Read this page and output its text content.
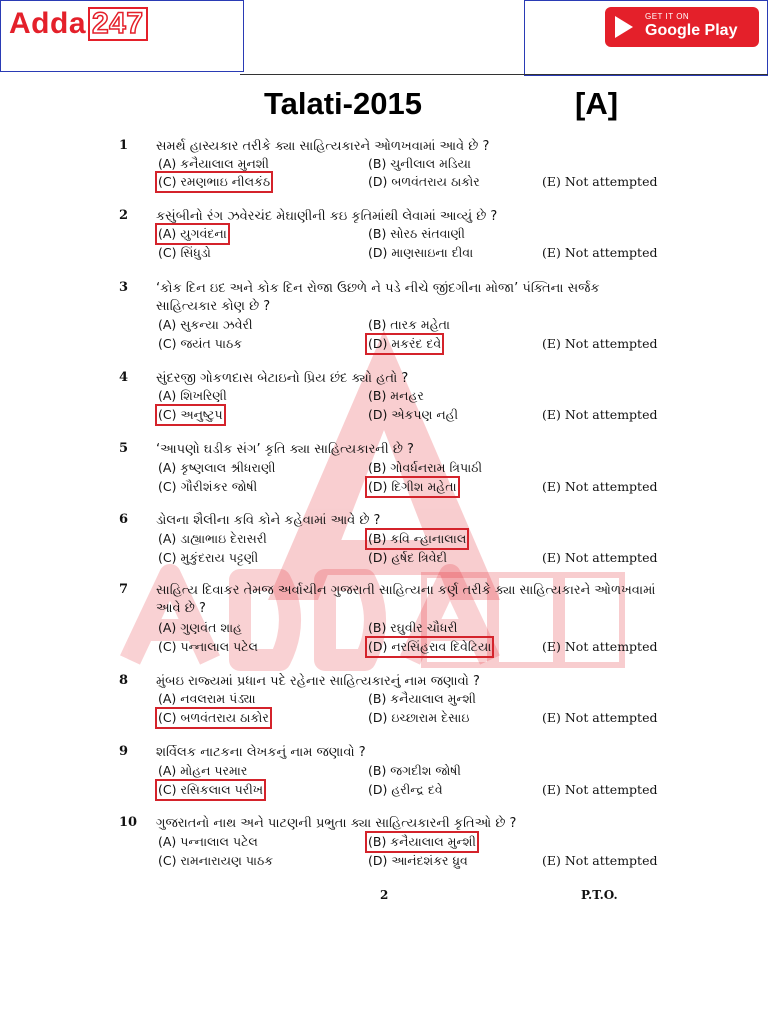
Adda 247	GET IT ON
Google Play
Talati-2015	[A]
1 સમર્થ હાસ્યકાર તરીકે ક્યા સાહિત્યકારને ઓળખવામાં આવે છે ?
(A) કનૈયાલાલ મુનશી	(B) ચુનીલાલ મડિયા
(C) રમણભાઇ નીલકંઠ	(D) બળવંતરાય ઠાકોર	(E) Not attempted
2 કસુંબીનો રંગ ઝવેરચંદ મેઘાણીની કઇ કૃતિમાંથી લેવામાં આવ્યું છે ?
(A) યુગવંદના	(B) સોરઠ સંતવાણી
(C) સિંધુડો	(D) માણસાઇના દીવા	(E) Not attempted
3 ‘કોક દિન ઇદ અને કોક દિન રોજા ઉછળે ને પડે નીચે જીંદગીના મોજા’ પંક્તિના સર્જક સાહિત્યકાર કોણ છે ?
(A) સુકન્યા ઝવેરી	(B) તારક મહેતા
(C) જયંત પાઠક	(D) મકરંદ દવે	(E) Not attempted
4 સુંદરજી ગોકળદાસ બેટાઇનો પ્રિય છંદ ક્યો હતો ?
(A) શિખરિણી	(B) મનહર
(C) અનુષ્ટુપ	(D) એકપણ નહી	(E) Not attempted
5 ‘આપણો ઘડીક સંગ’ કૃતિ ક્યા સાહિત્યકારની છે ?
(A) કૃષ્ણલાલ શ્રીધરાણી	(B) ગોવર્ધનરામ ત્રિપાઠી
(C) ગૌરીશંકર જોષી	(D) દિગીશ મહેતા	(E) Not attempted
6 ડોલના શૈલીના કવિ કોને કહેવામાં આવે છે ?
(A) ડાહ્યાભાઇ દેરાસરી	(B) કવિ ન્હાનાલાલ
(C) મુકુંદરાય પટ્ટણી	(D) હર્ષદ ત્રિવેદી	(E) Not attempted
7 સાહિત્ય દિવાકર તેમજ અર્વાચીન ગુજરાતી સાહિત્યના કર્ણ તરીકે ક્યા સાહિત્યકારને ઓળખવામાં આવે છે ?
(A) ગુણવંત શાહ	(B) રઘુવીર ચૌધરી
(C) પન્નાલાલ પટેલ	(D) નરસિંહરાવ દિવેટિયા	(E) Not attempted
8 મુંબઇ રાજ્યમાં પ્રધાન પદે રહેનાર સાહિત્યકારનું નામ જણાવો ?
(A) નવલરામ પંડ્યા	(B) કનૈયાલાલ મુન્શી
(C) બળવંતરાય ઠાકોર	(D) ઇચ્છારામ દેસાઇ	(E) Not attempted
9 શર્વિલક નાટકના લેખકનું નામ જણાવો ?
(A) મોહન પરમાર	(B) જગદીશ જોષી
(C) રસિકલાલ પરીખ	(D) હરીન્દ્ર દવે	(E) Not attempted
10 ગુજરાતનો નાથ અને પાટણની પ્રભુતા ક્યા સાહિત્યકારની કૃતિઓ છે ?
(A) પન્નાલાલ પટેલ	(B) કનૈયાલાલ મુન્શી
(C) રામનારાયણ પાઠક	(D) આનંદશંકર ધ્રુવ	(E) Not attempted
2	P.T.O.
